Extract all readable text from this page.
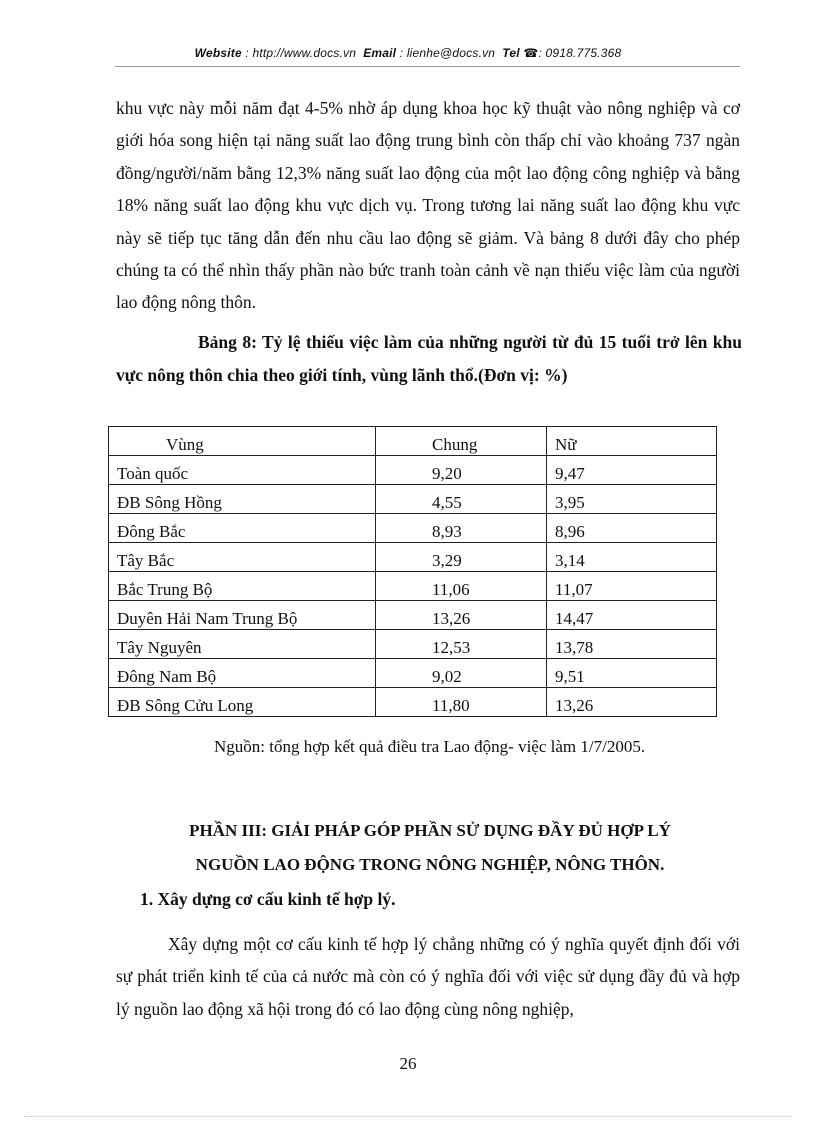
Website : http://www.docs.vn Email : lienhe@docs.vn Tel ☎: 0918.775.368
khu vực này mỗi năm đạt 4-5% nhờ áp dụng khoa học kỹ thuật vào nông nghiệp và cơ giới hóa song hiện tại năng suất lao động trung bình còn thấp chỉ vào khoảng 737 ngàn đồng/người/năm bằng 12,3% năng suất lao động của một lao động công nghiệp và bằng 18% năng suất lao động khu vực dịch vụ. Trong tương lai năng suất lao động khu vực này sẽ tiếp tục tăng dẫn đến nhu cầu lao động sẽ giảm. Và bảng 8 dưới đây cho phép chúng ta có thể nhìn thấy phần nào bức tranh toàn cảnh về nạn thiếu việc làm của người lao động nông thôn.
Bảng 8: Tỷ lệ thiếu việc làm của những người từ đủ 15 tuổi trở lên khu vực nông thôn chia theo giới tính, vùng lãnh thổ.(Đơn vị: %)
Vùng	Chung	Nữ
Toàn quốc	9,20	9,47
ĐB Sông Hồng	4,55	3,95
Đông Bắc	8,93	8,96
Tây Bắc	3,29	3,14
Bắc Trung Bộ	11,06	11,07
Duyên Hải Nam Trung Bộ	13,26	14,47
Tây Nguyên	12,53	13,78
Đông Nam Bộ	9,02	9,51
ĐB Sông Cửu Long	11,80	13,26
Nguồn: tổng hợp kết quả điều tra Lao động- việc làm 1/7/2005.
PHẦN III: GIẢI PHÁP GÓP PHẦN SỬ DỤNG ĐẦY ĐỦ HỢP LÝ
NGUỒN LAO ĐỘNG TRONG NÔNG NGHIỆP, NÔNG THÔN.
1. Xây dựng cơ cấu kinh tế hợp lý.
Xây dựng một cơ cấu kinh tế hợp lý chẳng những có ý nghĩa quyết định đối với sự phát triển kinh tế của cả nước mà còn có ý nghĩa đối với việc sử dụng đầy đủ và hợp lý nguồn lao động xã hội trong đó có lao động cùng nông nghiệp,
26
